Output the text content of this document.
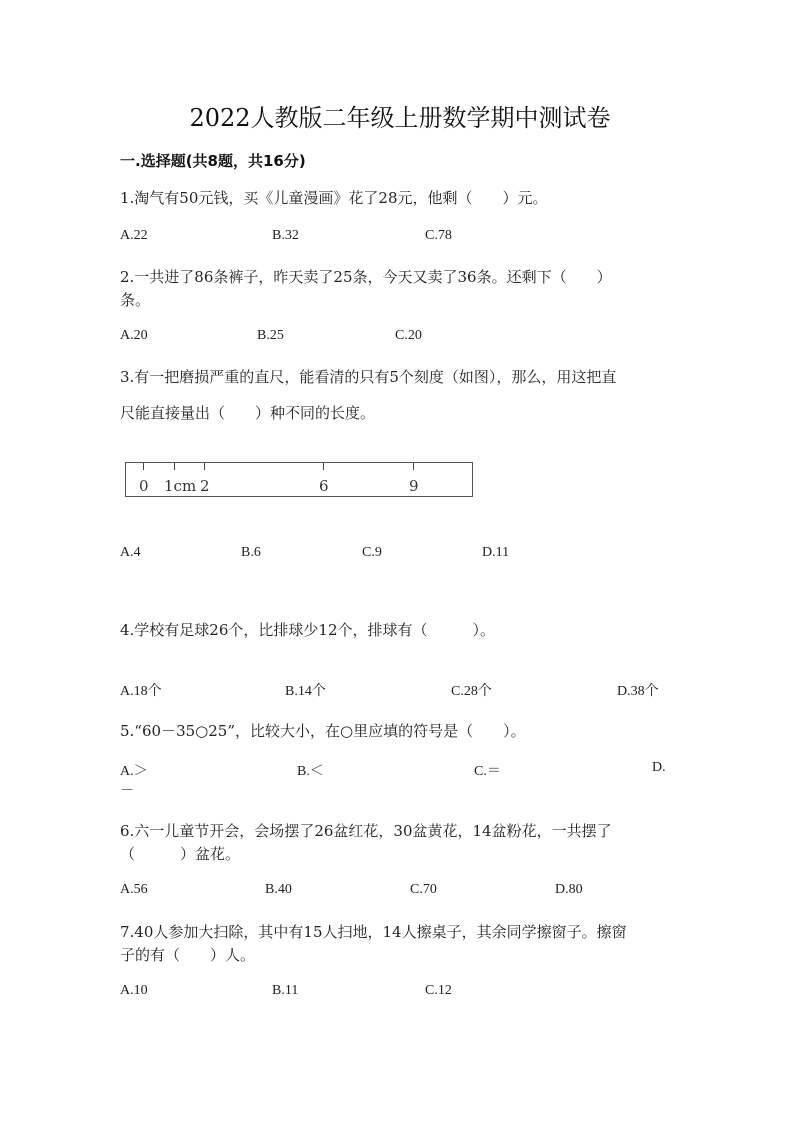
2022人教版二年级上册数学期中测试卷
一.选择题(共8题，共16分)
1.淘气有50元钱，买《儿童漫画》花了28元，他剩（　　）元。
A.22	B.32	C.78
2.一共进了86条裤子，昨天卖了25条，今天又卖了36条。还剩下（　　）
条。
A.20	B.25	C.20
3.有一把磨损严重的直尺，能看清的只有5个刻度（如图），那么，用这把直
尺能直接量出（　　）种不同的长度。
0 1cm 2	6	9
A.4	B.6	C.9	D.11
4.学校有足球26个，比排球少12个，排球有（　　　）。
A.18个	B.14个	C.28个	D.38个
5.“60－35○25”，比较大小，在○里应填的符号是（　　）。
A.＞	B.＜	C.＝	D.
－
6.六一儿童节开会，会场摆了26盆红花，30盆黄花，14盆粉花，一共摆了
（　　　）盆花。
A.56	B.40	C.70	D.80
7.40人参加大扫除，其中有15人扫地，14人擦桌子，其余同学擦窗子。擦窗
子的有（　　）人。
A.10	B.11	C.12
